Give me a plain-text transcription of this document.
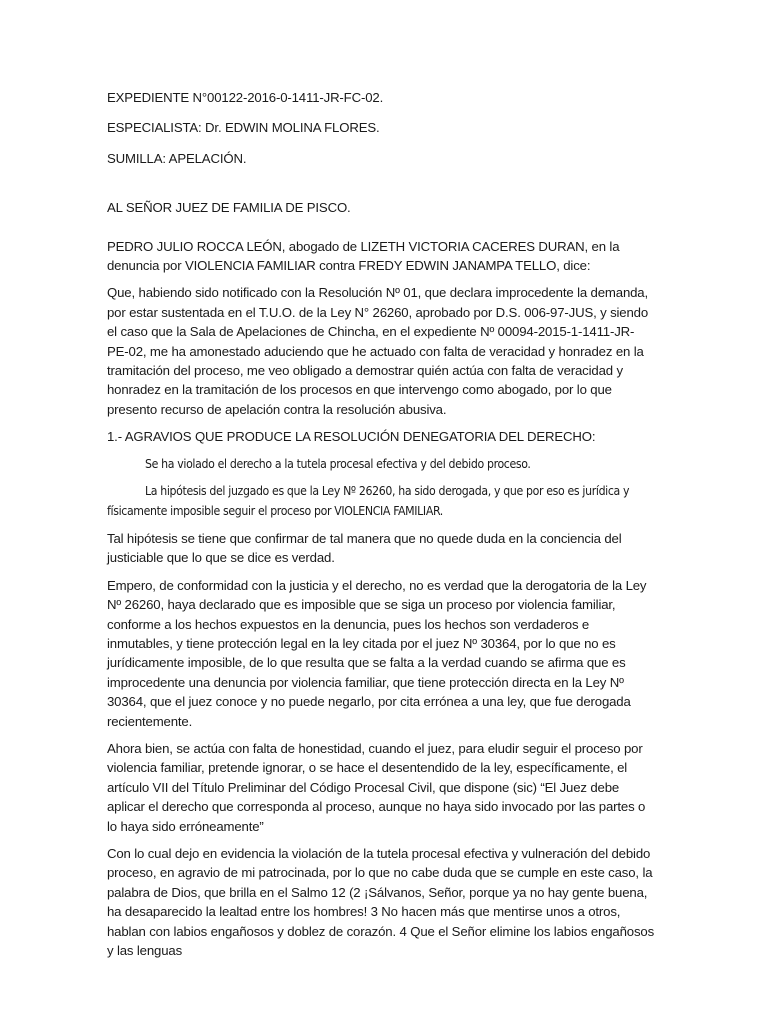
EXPEDIENTE N°00122-2016-0-1411-JR-FC-02.

ESPECIALISTA: Dr. EDWIN MOLINA FLORES.

SUMILLA: APELACIÓN.

AL SEÑOR JUEZ DE FAMILIA DE PISCO.

PEDRO JULIO ROCCA LEÓN, abogado de LIZETH VICTORIA CACERES DURAN, en la denuncia por VIOLENCIA FAMILIAR contra FREDY EDWIN JANAMPA TELLO, dice:

Que, habiendo sido notificado con la Resolución Nº 01, que declara improcedente la demanda, por estar sustentada en el T.U.O. de la Ley N° 26260, aprobado por D.S. 006-97-JUS, y siendo el caso que la Sala de Apelaciones de Chincha, en el expediente Nº 00094-2015-1-1411-JR-PE-02, me ha amonestado aduciendo que he actuado con falta de veracidad y honradez en la tramitación del proceso, me veo obligado a demostrar quién actúa con falta de veracidad y honradez en la tramitación de los procesos en que intervengo como abogado, por lo que presento recurso de apelación contra la resolución abusiva.

1.- AGRAVIOS QUE PRODUCE LA RESOLUCIÓN DENEGATORIA DEL DERECHO:

Se ha violado el derecho a la tutela procesal efectiva y del debido proceso.

La hipótesis del juzgado es que la Ley Nº 26260, ha sido derogada, y que por eso es jurídica y físicamente imposible seguir el proceso por VIOLENCIA FAMILIAR.

Tal hipótesis se tiene que confirmar de tal manera que no quede duda en la conciencia del justiciable que lo que se dice es verdad.

Empero, de conformidad con la justicia y el derecho, no es verdad que la derogatoria de la Ley Nº 26260, haya declarado que es imposible que se siga un proceso por violencia familiar, conforme a los hechos expuestos en la denuncia, pues los hechos son verdaderos e inmutables, y tiene protección legal en la ley citada por el juez Nº 30364, por lo que no es jurídicamente imposible, de lo que resulta que se falta a la verdad cuando se afirma que es improcedente una denuncia por violencia familiar, que tiene protección directa en la Ley Nº 30364, que el juez conoce y no puede negarlo, por cita errónea a una ley, que fue derogada recientemente.

Ahora bien, se actúa con falta de honestidad, cuando el juez, para eludir seguir el proceso por violencia familiar, pretende ignorar, o se hace el desentendido de la ley, específicamente, el artículo VII del Título Preliminar del Código Procesal Civil, que dispone (sic) “El Juez debe aplicar el derecho que corresponda al proceso, aunque no haya sido invocado por las partes o lo haya sido erróneamente”

Con lo cual dejo en evidencia la violación de la tutela procesal efectiva y vulneración del debido proceso, en agravio de mi patrocinada, por lo que no cabe duda que se cumple en este caso, la palabra de Dios, que brilla en el Salmo 12 (2 ¡Sálvanos, Señor, porque ya no hay gente buena, ha desaparecido la lealtad entre los hombres! 3 No hacen más que mentirse unos a otros, hablan con labios engañosos y doblez de corazón. 4 Que el Señor elimine los labios engañosos y las lenguas
